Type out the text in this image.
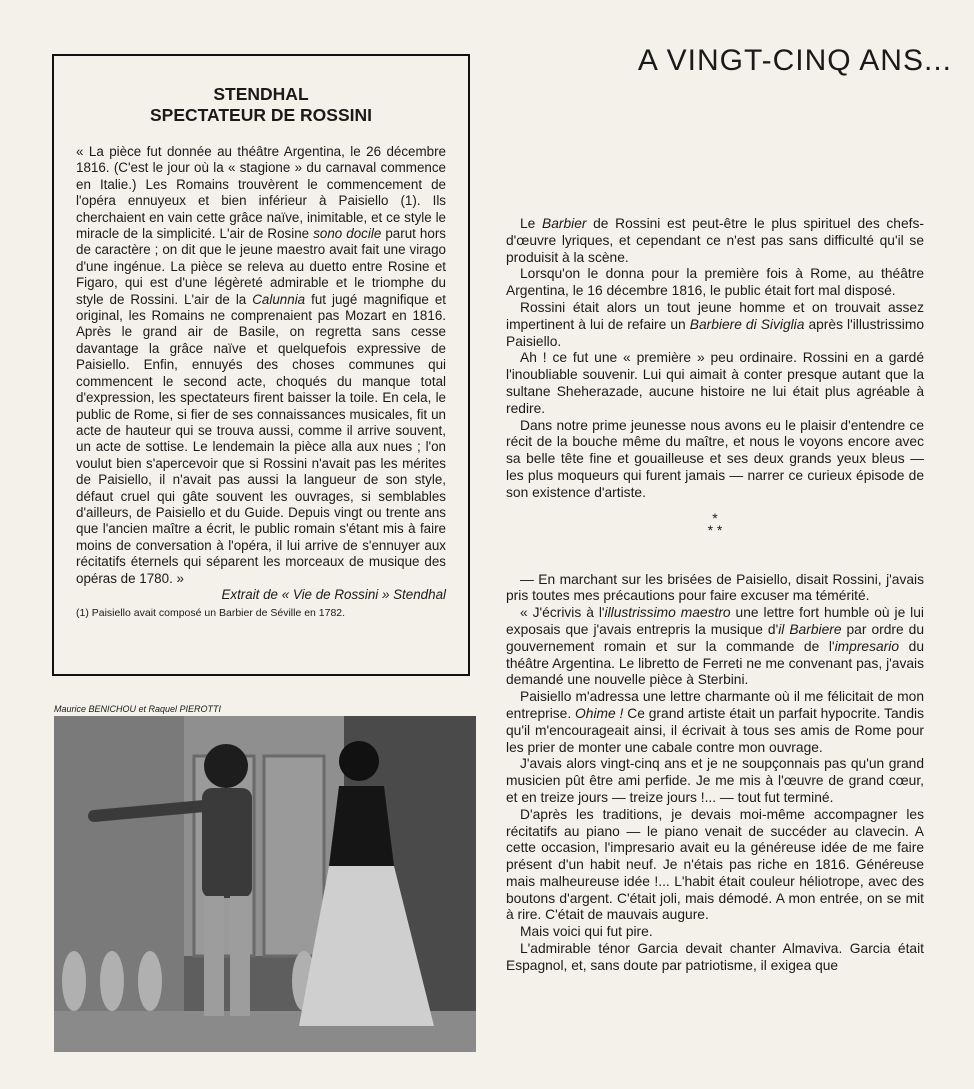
A VINGT-CINQ ANS...
STENDHAL
SPECTATEUR DE ROSSINI

« La pièce fut donnée au théâtre Argentina, le 26 décembre 1816. (C'est le jour où la « stagione » du carnaval commence en Italie.) Les Romains trouvèrent le commencement de l'opéra ennuyeux et bien inférieur à Paisiello (1). Ils cherchaient en vain cette grâce naïve, inimitable, et ce style le miracle de la simplicité. L'air de Rosine sono docile parut hors de caractère ; on dit que le jeune maestro avait fait une virago d'une ingénue. La pièce se releva au duetto entre Rosine et Figaro, qui est d'une légèreté admirable et le triomphe du style de Rossini. L'air de la Calunnia fut jugé magnifique et original, les Romains ne comprenaient pas Mozart en 1816. Après le grand air de Basile, on regretta sans cesse davantage la grâce naïve et quelquefois expressive de Paisiello. Enfin, ennuyés des choses communes qui commencent le second acte, choqués du manque total d'expression, les spectateurs firent baisser la toile. En cela, le public de Rome, si fier de ses connaissances musicales, fit un acte de hauteur qui se trouva aussi, comme il arrive souvent, un acte de sottise. Le lendemain la pièce alla aux nues ; l'on voulut bien s'apercevoir que si Rossini n'avait pas les mérites de Paisiello, il n'avait pas aussi la langueur de son style, défaut cruel qui gâte souvent les ouvrages, si semblables d'ailleurs, de Paisiello et du Guide. Depuis vingt ou trente ans que l'ancien maître a écrit, le public romain s'étant mis à faire moins de conversation à l'opéra, il lui arrive de s'ennuyer aux récitatifs éternels qui séparent les morceaux de musique des opéras de 1780. »

Extrait de « Vie de Rossini » Stendhal

(1) Paisiello avait composé un Barbier de Séville en 1782.

Maurice BENICHOU et Raquel PIEROTTI

Le Barbier de Rossini est peut-être le plus spirituel des chefs-d'œuvre lyriques, et cependant ce n'est pas sans difficulté qu'il se produisit à la scène.

Lorsqu'on le donna pour la première fois à Rome, au théâtre Argentina, le 16 décembre 1816, le public était fort mal disposé.

Rossini était alors un tout jeune homme et on trouvait assez impertinent à lui de refaire un Barbiere di Siviglia après l'illustrissimo Paisiello.

Ah ! ce fut une « première » peu ordinaire. Rossini en a gardé l'inoubliable souvenir. Lui qui aimait à conter presque autant que la sultane Sheherazade, aucune histoire ne lui était plus agréable à redire.

Dans notre prime jeunesse nous avons eu le plaisir d'entendre ce récit de la bouche même du maître, et nous le voyons encore avec sa belle tête fine et gouailleuse et ses deux grands yeux bleus — les plus moqueurs qui furent jamais — narrer ce curieux épisode de son existence d'artiste.

*
* *

— En marchant sur les brisées de Paisiello, disait Rossini, j'avais pris toutes mes précautions pour faire excuser ma témérité.

« J'écrivis à l'illustrissimo maestro une lettre fort humble où je lui exposais que j'avais entrepris la musique d'il Barbiere par ordre du gouvernement romain et sur la commande de l'impresario du théâtre Argentina. Le libretto de Ferreti ne me convenant pas, j'avais demandé une nouvelle pièce à Sterbini.

Paisiello m'adressa une lettre charmante où il me félicitait de mon entreprise. Ohime ! Ce grand artiste était un parfait hypocrite. Tandis qu'il m'encourageait ainsi, il écrivait à tous ses amis de Rome pour les prier de monter une cabale contre mon ouvrage.

J'avais alors vingt-cinq ans et je ne soupçonnais pas qu'un grand musicien pût être ami perfide. Je me mis à l'œuvre de grand cœur, et en treize jours — treize jours !... — tout fut terminé.

D'après les traditions, je devais moi-même accompagner les récitatifs au piano — le piano venait de succéder au clavecin. A cette occasion, l'impresario avait eu la généreuse idée de me faire présent d'un habit neuf. Je n'étais pas riche en 1816. Généreuse mais malheureuse idée !... L'habit était couleur héliotrope, avec des boutons d'argent. C'était joli, mais démodé. A mon entrée, on se mit à rire. C'était de mauvais augure.

Mais voici qui fut pire.

L'admirable ténor Garcia devait chanter Almaviva. Garcia était Espagnol, et, sans doute par patriotisme, il exigea que
